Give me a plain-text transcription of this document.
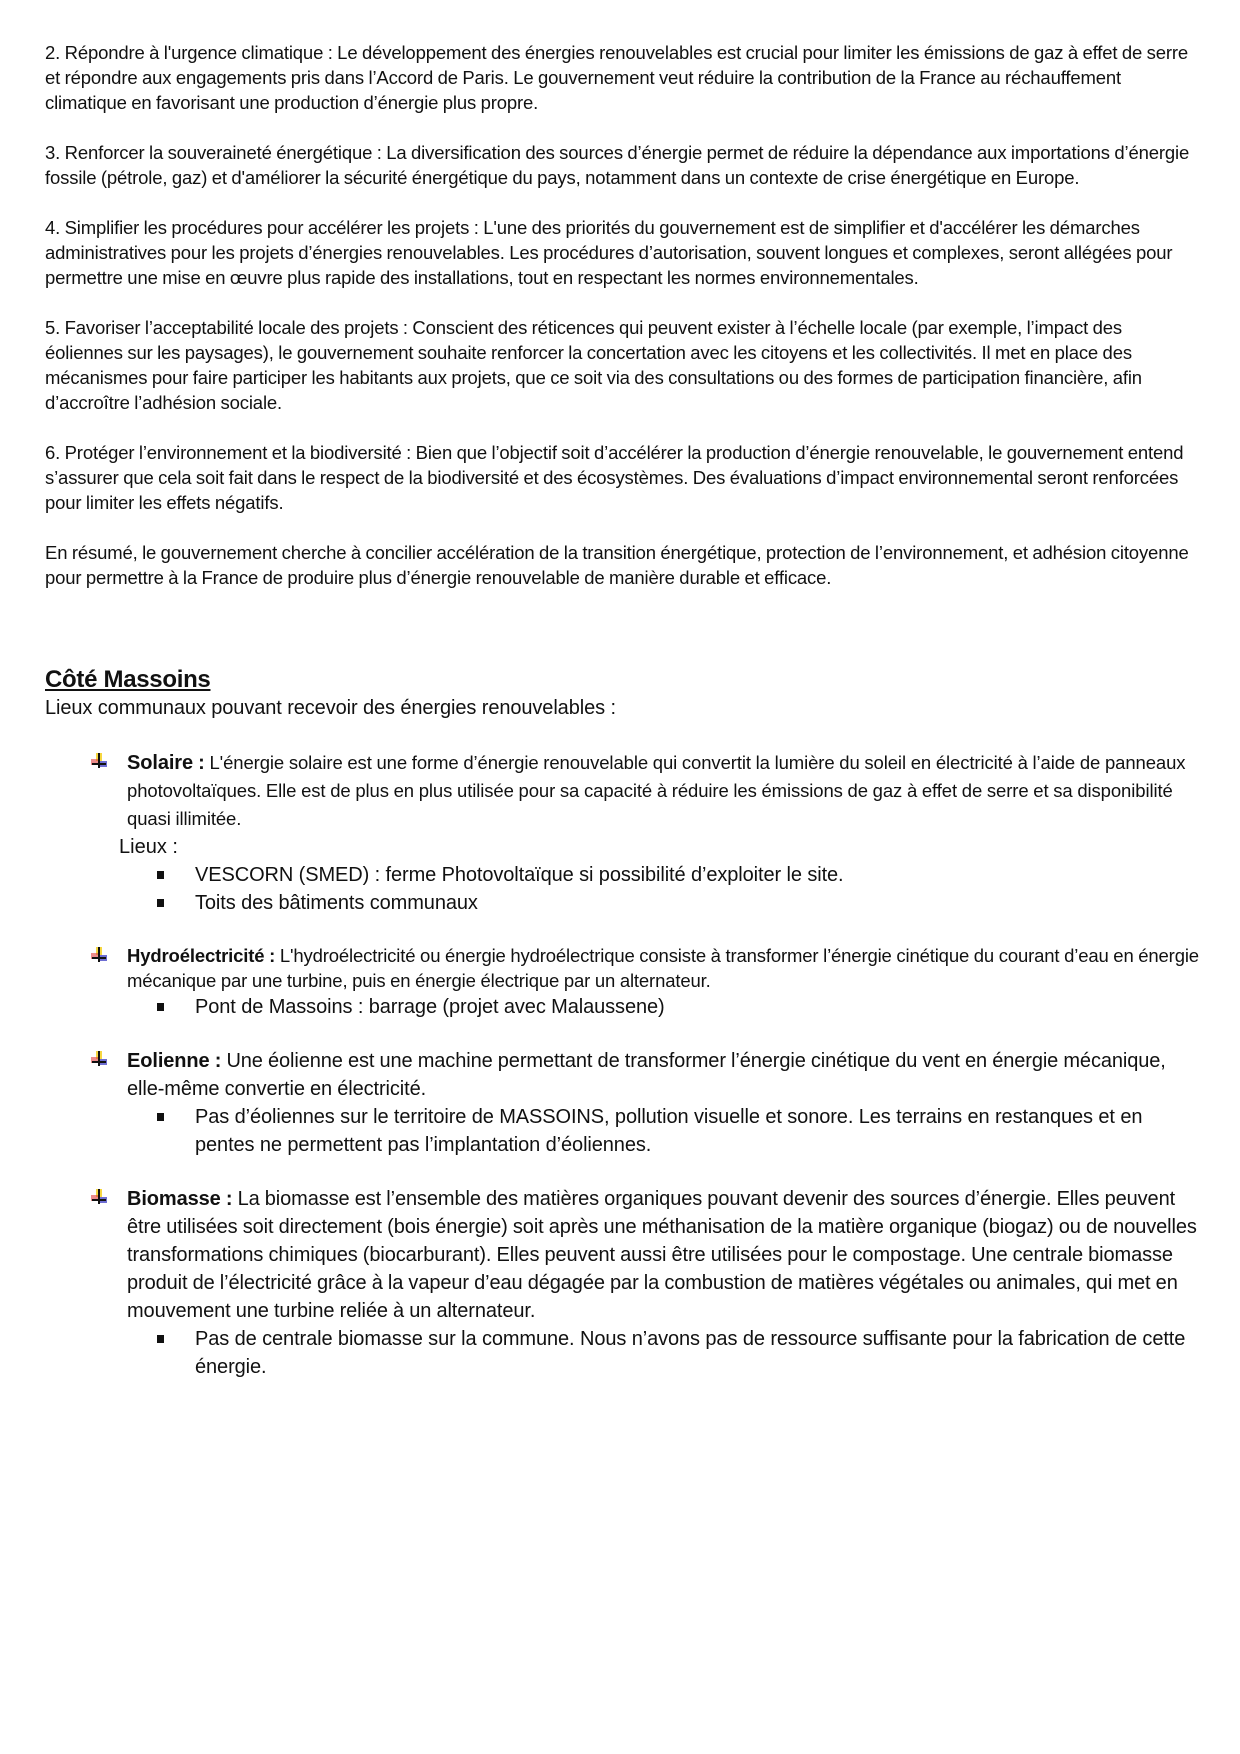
2. Répondre à l'urgence climatique : Le développement des énergies renouvelables est crucial pour limiter les émissions de gaz à effet de serre et répondre aux engagements pris dans l’Accord de Paris. Le gouvernement veut réduire la contribution de la France au réchauffement climatique en favorisant une production d’énergie plus propre.

3. Renforcer la souveraineté énergétique : La diversification des sources d’énergie permet de réduire la dépendance aux importations d’énergie fossile (pétrole, gaz) et d'améliorer la sécurité énergétique du pays, notamment dans un contexte de crise énergétique en Europe.

4. Simplifier les procédures pour accélérer les projets : L'une des priorités du gouvernement est de simplifier et d'accélérer les démarches administratives pour les projets d’énergies renouvelables. Les procédures d’autorisation, souvent longues et complexes, seront allégées pour permettre une mise en œuvre plus rapide des installations, tout en respectant les normes environnementales.

5. Favoriser l’acceptabilité locale des projets : Conscient des réticences qui peuvent exister à l’échelle locale (par exemple, l’impact des éoliennes sur les paysages), le gouvernement souhaite renforcer la concertation avec les citoyens et les collectivités. Il met en place des mécanismes pour faire participer les habitants aux projets, que ce soit via des consultations ou des formes de participation financière, afin d’accroître l’adhésion sociale.

6. Protéger l’environnement et la biodiversité : Bien que l’objectif soit d’accélérer la production d’énergie renouvelable, le gouvernement entend s’assurer que cela soit fait dans le respect de la biodiversité et des écosystèmes. Des évaluations d’impact environnemental seront renforcées pour limiter les effets négatifs.

En résumé, le gouvernement cherche à concilier accélération de la transition énergétique, protection de l’environnement, et adhésion citoyenne pour permettre à la France de produire plus d’énergie renouvelable de manière durable et efficace.

Côté Massoins

Lieux communaux pouvant recevoir des énergies renouvelables :

Solaire : L'énergie solaire est une forme d’énergie renouvelable qui convertit la lumière du soleil en électricité à l’aide de panneaux photovoltaïques. Elle est de plus en plus utilisée pour sa capacité à réduire les émissions de gaz à effet de serre et sa disponibilité quasi illimitée.

Lieux :

VESCORN (SMED) : ferme Photovoltaïque si possibilité d’exploiter le site.
Toits des bâtiments communaux

Hydroélectricité : L'hydroélectricité ou énergie hydroélectrique consiste à transformer l’énergie cinétique du courant d’eau en énergie mécanique par une turbine, puis en énergie électrique par un alternateur.

Pont de Massoins : barrage (projet avec Malaussene)

Eolienne : Une éolienne est une machine permettant de transformer l’énergie cinétique du vent en énergie mécanique, elle-même convertie en électricité.

Pas d’éoliennes sur le territoire de MASSOINS, pollution visuelle et sonore. Les terrains en restanques et en pentes ne permettent pas l’implantation d’éoliennes.

Biomasse : La biomasse est l’ensemble des matières organiques pouvant devenir des sources d’énergie. Elles peuvent être utilisées soit directement (bois énergie) soit après une méthanisation de la matière organique (biogaz) ou de nouvelles transformations chimiques (biocarburant). Elles peuvent aussi être utilisées pour le compostage. Une centrale biomasse produit de l’électricité grâce à la vapeur d’eau dégagée par la combustion de matières végétales ou animales, qui met en mouvement une turbine reliée à un alternateur.

Pas de centrale biomasse sur la commune. Nous n’avons pas de ressource suffisante pour la fabrication de cette énergie.
